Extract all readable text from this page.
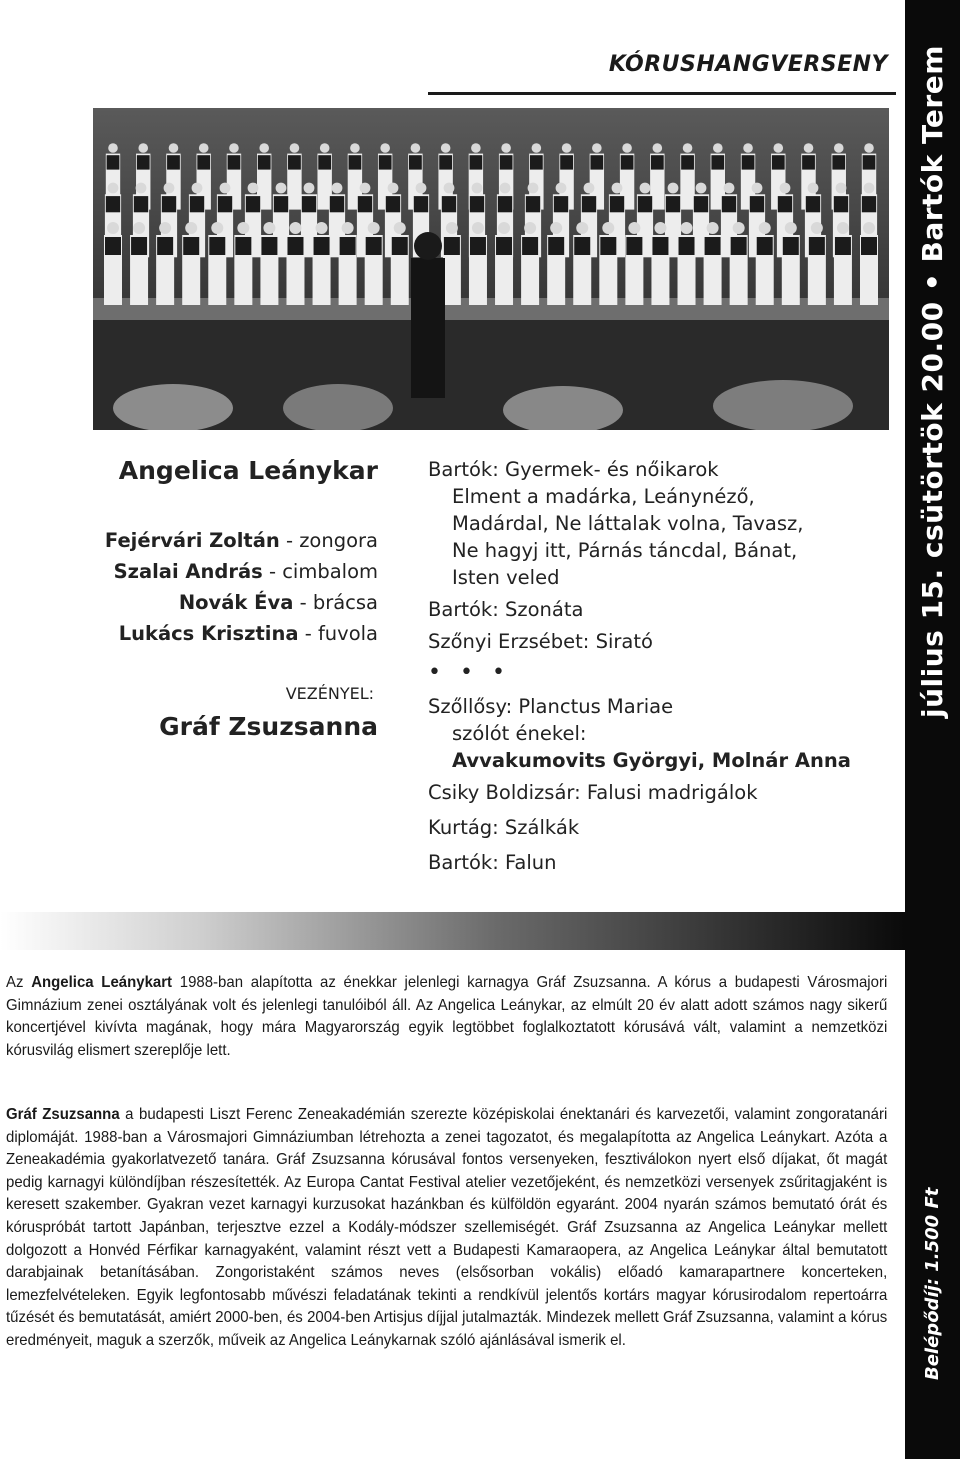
július 15. csütörtök 20.00 • Bartók Terem
Belépődíj: 1.500 Ft
KÓRUSHANGVERSENY
Angelica Leánykar
Fejérvári Zoltán - zongora
Szalai András - cimbalom
Novák Éva - brácsa
Lukács Krisztina - fuvola
VEZÉNYEL:
Gráf Zsuzsanna
Bartók: Gyermek- és nőikarok
Elment a madárka, Leánynéző,
Madárdal, Ne láttalak volna, Tavasz,
Ne hagyj itt, Párnás táncdal, Bánat,
Isten veled
Bartók: Szonáta
Szőnyi Erzsébet: Sirató
• • •
Szőllősy: Planctus Mariae
szólót énekel:
Avvakumovits Györgyi, Molnár Anna
Csiky Boldizsár: Falusi madrigálok
Kurtág: Szálkák
Bartók: Falun

Az Angelica Leánykart 1988-ban alapította az énekkar jelenlegi karnagya Gráf Zsuzsanna. A kórus a budapesti Városmajori Gimnázium zenei osztályának volt és jelenlegi tanulóiból áll. Az Angelica Leánykar, az elmúlt 20 év alatt adott számos nagy sikerű koncertjével kivívta magának, hogy mára Magyarország egyik legtöbbet foglalkoztatott kórusává vált, valamint a nemzetközi kórusvilág elismert szereplője lett.

Gráf Zsuzsanna a budapesti Liszt Ferenc Zeneakadémián szerezte középiskolai énektanári és karvezetői, valamint zongoratanári diplomáját. 1988-ban a Városmajori Gimnáziumban létrehozta a zenei tagozatot, és megalapította az Angelica Leánykart. Azóta a Zeneakadémia gyakorlatvezető tanára. Gráf Zsuzsanna kórusával fontos versenyeken, fesztiválokon nyert első díjakat, őt magát pedig karnagyi különdíjban részesítették. Az Europa Cantat Festival atelier vezetőjeként, és nemzetközi versenyek zsűritagjaként is keresett szakember. Gyakran vezet karnagyi kurzusokat hazánkban és külföldön egyaránt. 2004 nyarán számos bemutató órát és kóruspróbát tartott Japánban, terjesztve ezzel a Kodály-módszer szellemiségét. Gráf Zsuzsanna az Angelica Leánykar mellett dolgozott a Honvéd Férfikar karnagyaként, valamint részt vett a Budapesti Kamaraopera, az Angelica Leánykar által bemutatott darabjainak betanításában. Zongoristaként számos neves (elsősorban vokális) előadó kamarapartnere koncerteken, lemezfelvételeken. Egyik legfontosabb művészi feladatának tekinti a rendkívül jelentős kortárs magyar kórusirodalom repertoárra tűzését és bemutatását, amiért 2000-ben, és 2004-ben Artisjus díjjal jutalmazták. Mindezek mellett Gráf Zsuzsanna, valamint a kórus eredményeit, maguk a szerzők, műveik az Angelica Leánykarnak szóló ajánlásával ismerik el.
